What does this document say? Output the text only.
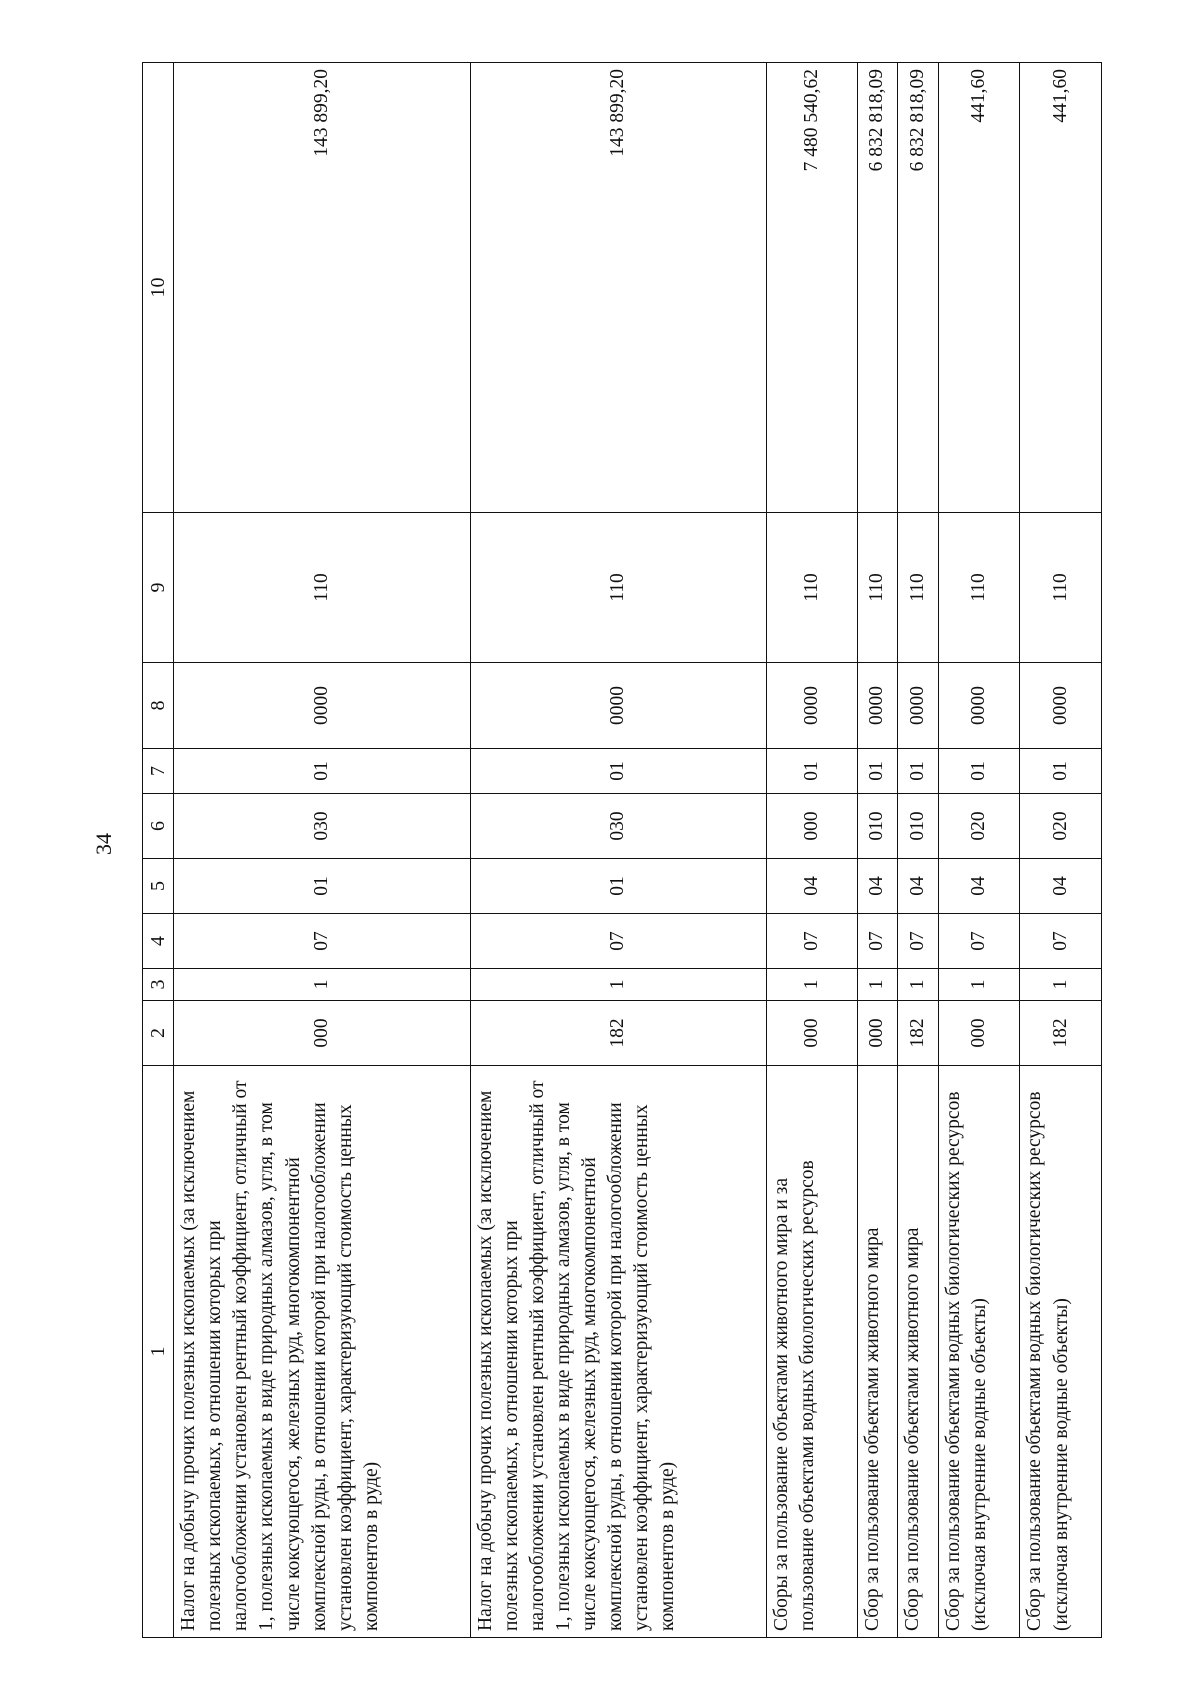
34
1	2	3	4	5	6	7	8	9	10
Налог на добычу прочих полезных ископаемых (за исключением полезных ископаемых, в отношении которых при налогообложении установлен рентный коэффициент, отличный от 1, полезных ископаемых в виде природных алмазов, угля, в том числе коксующегося, железных руд, многокомпонентной комплексной руды, в отношении которой при налогообложении установлен коэффициент, характеризующий стоимость ценных компонентов в руде)	000	1	07	01	030	01	0000	110	143 899,20
Налог на добычу прочих полезных ископаемых (за исключением полезных ископаемых, в отношении которых при налогообложении установлен рентный коэффициент, отличный от 1, полезных ископаемых в виде природных алмазов, угля, в том числе коксующегося, железных руд, многокомпонентной комплексной руды, в отношении которой при налогообложении установлен коэффициент, характеризующий стоимость ценных компонентов в руде)	182	1	07	01	030	01	0000	110	143 899,20
Сборы за пользование объектами животного мира и за пользование объектами водных биологических ресурсов	000	1	07	04	000	01	0000	110	7 480 540,62
Сбор за пользование объектами животного мира	000	1	07	04	010	01	0000	110	6 832 818,09
Сбор за пользование объектами животного мира	182	1	07	04	010	01	0000	110	6 832 818,09
Сбор за пользование объектами водных биологических ресурсов (исключая внутренние водные объекты)	000	1	07	04	020	01	0000	110	441,60
Сбор за пользование объектами водных биологических ресурсов (исключая внутренние водные объекты)	182	1	07	04	020	01	0000	110	441,60
